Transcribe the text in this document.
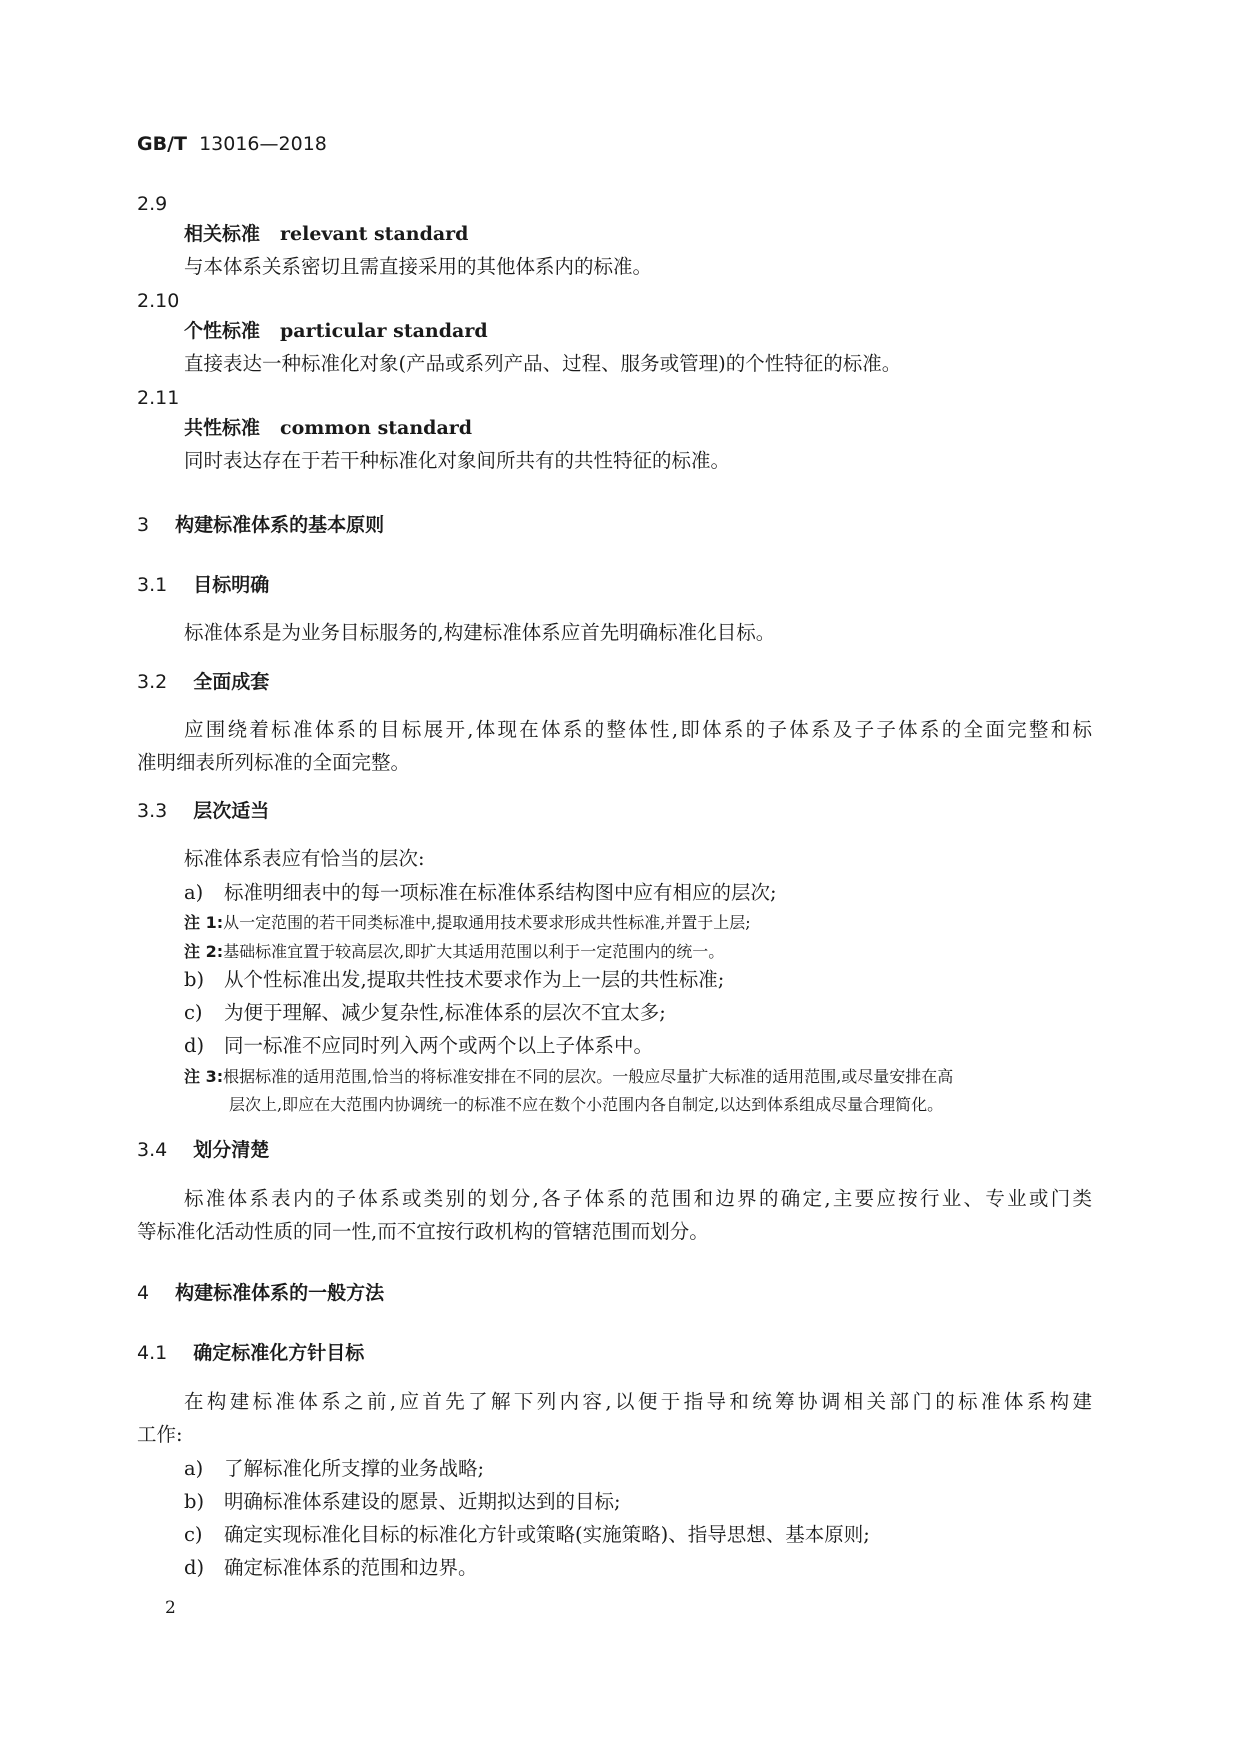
GB/T 13016—2018
2.9
相关标准 relevant standard
与本体系关系密切且需直接采用的其他体系内的标准。
2.10
个性标准 particular standard
直接表达一种标准化对象(产品或系列产品、过程、服务或管理)的个性特征的标准。
2.11
共性标准 common standard
同时表达存在于若干种标准化对象间所共有的共性特征的标准。
3 构建标准体系的基本原则
3.1 目标明确
标准体系是为业务目标服务的,构建标准体系应首先明确标准化目标。
3.2 全面成套
应围绕着标准体系的目标展开,体现在体系的整体性,即体系的子体系及子子体系的全面完整和标
准明细表所列标准的全面完整。
3.3 层次适当
标准体系表应有恰当的层次:
a) 标准明细表中的每一项标准在标准体系结构图中应有相应的层次;
注 1:从一定范围的若干同类标准中,提取通用技术要求形成共性标准,并置于上层;
注 2:基础标准宜置于较高层次,即扩大其适用范围以利于一定范围内的统一。
b) 从个性标准出发,提取共性技术要求作为上一层的共性标准;
c) 为便于理解、减少复杂性,标准体系的层次不宜太多;
d) 同一标准不应同时列入两个或两个以上子体系中。
注 3:根据标准的适用范围,恰当的将标准安排在不同的层次。一般应尽量扩大标准的适用范围,或尽量安排在高
层次上,即应在大范围内协调统一的标准不应在数个小范围内各自制定,以达到体系组成尽量合理简化。
3.4 划分清楚
标准体系表内的子体系或类别的划分,各子体系的范围和边界的确定,主要应按行业、专业或门类
等标准化活动性质的同一性,而不宜按行政机构的管辖范围而划分。
4 构建标准体系的一般方法
4.1 确定标准化方针目标
在构建标准体系之前,应首先了解下列内容,以便于指导和统筹协调相关部门的标准体系构建
工作:
a) 了解标准化所支撑的业务战略;
b) 明确标准体系建设的愿景、近期拟达到的目标;
c) 确定实现标准化目标的标准化方针或策略(实施策略)、指导思想、基本原则;
d) 确定标准体系的范围和边界。
2
